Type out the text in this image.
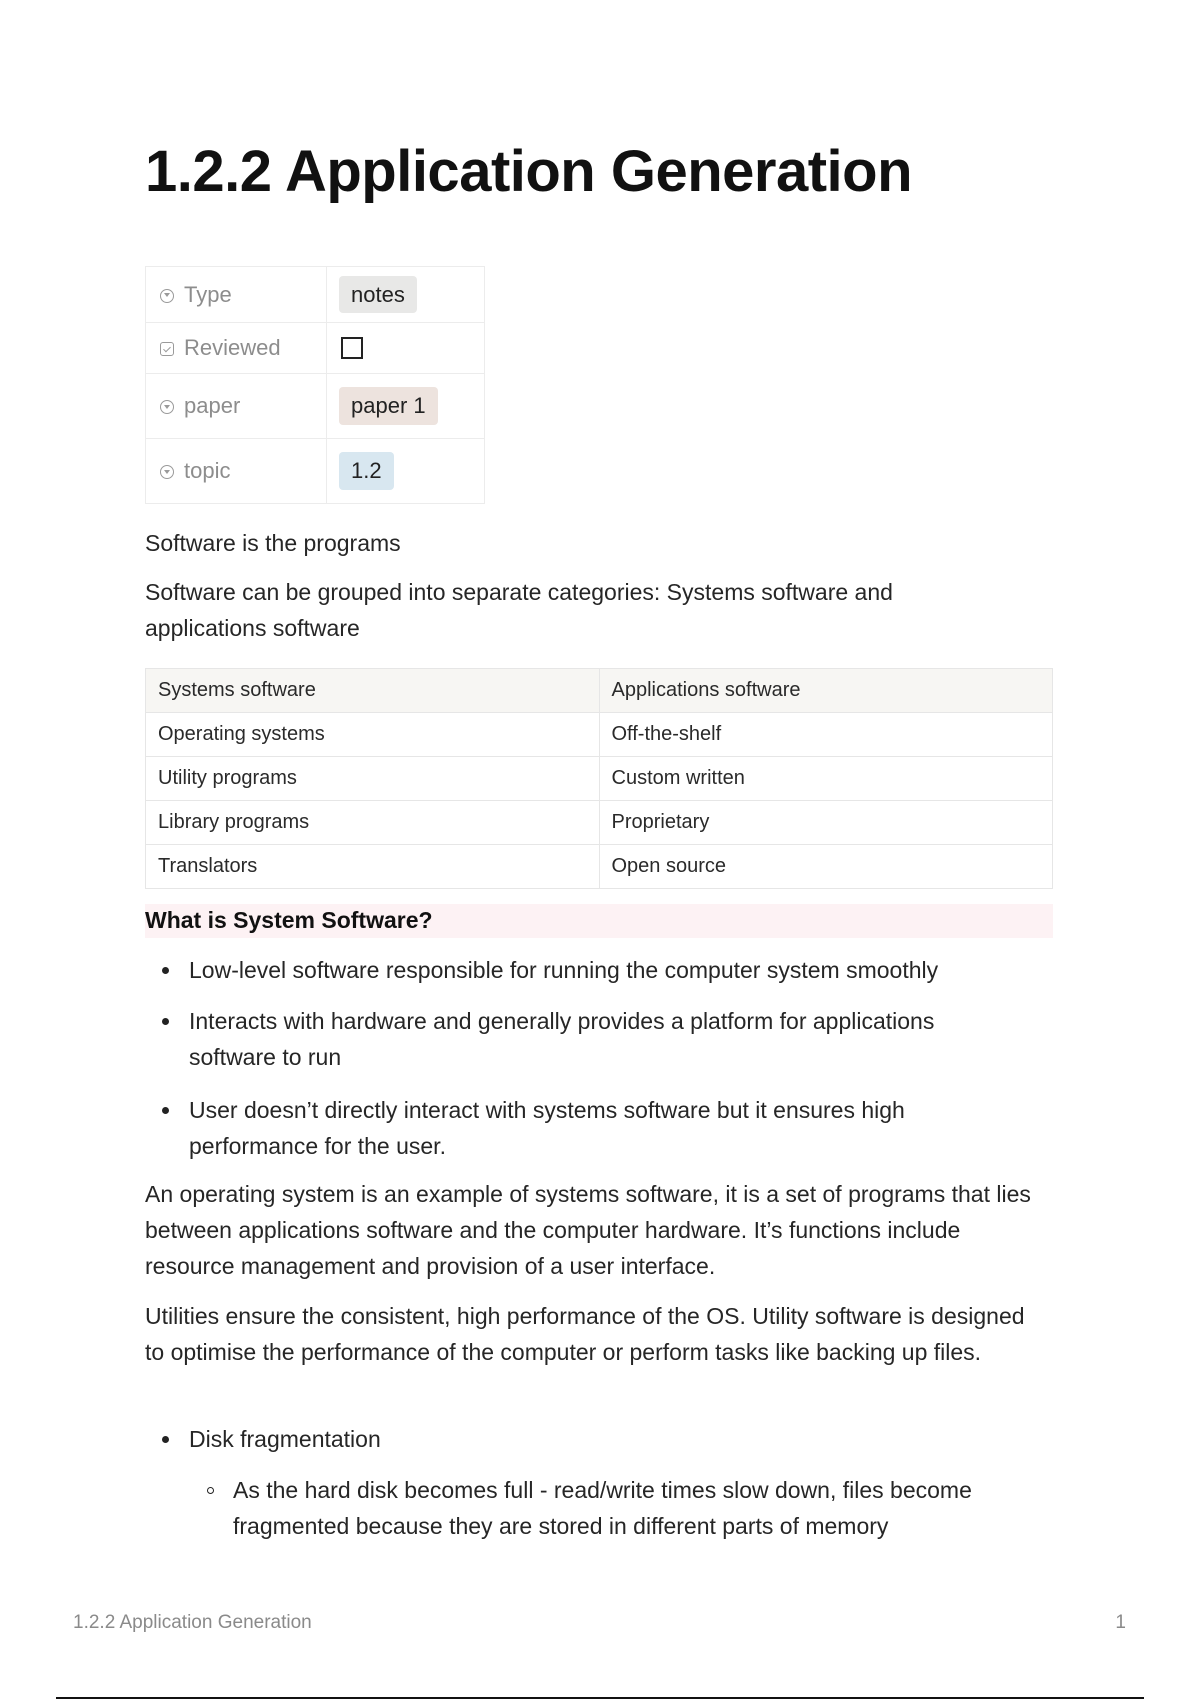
1.2.2 Application Generation
Type	notes
Reviewed	
paper	paper 1
topic	1.2

Software is the programs

Software can be grouped into separate categories: Systems software and applications software

Systems software	Applications software
Operating systems	Off-the-shelf
Utility programs	Custom written
Library programs	Proprietary
Translators	Open source
What is System Software?

Low-level software responsible for running the computer system smoothly

Interacts with hardware and generally provides a platform for applications software to run

User doesn’t directly interact with systems software but it ensures high performance for the user.

An operating system is an example of systems software, it is a set of programs that lies between applications software and the computer hardware. It’s functions include resource management and provision of a user interface.

Utilities ensure the consistent, high performance of the OS. Utility software is designed to optimise the performance of the computer or perform tasks like backing up files.

Disk fragmentation

As the hard disk becomes full - read/write times slow down, files become fragmented because they are stored in different parts of memory

1.2.2 Application Generation	1
